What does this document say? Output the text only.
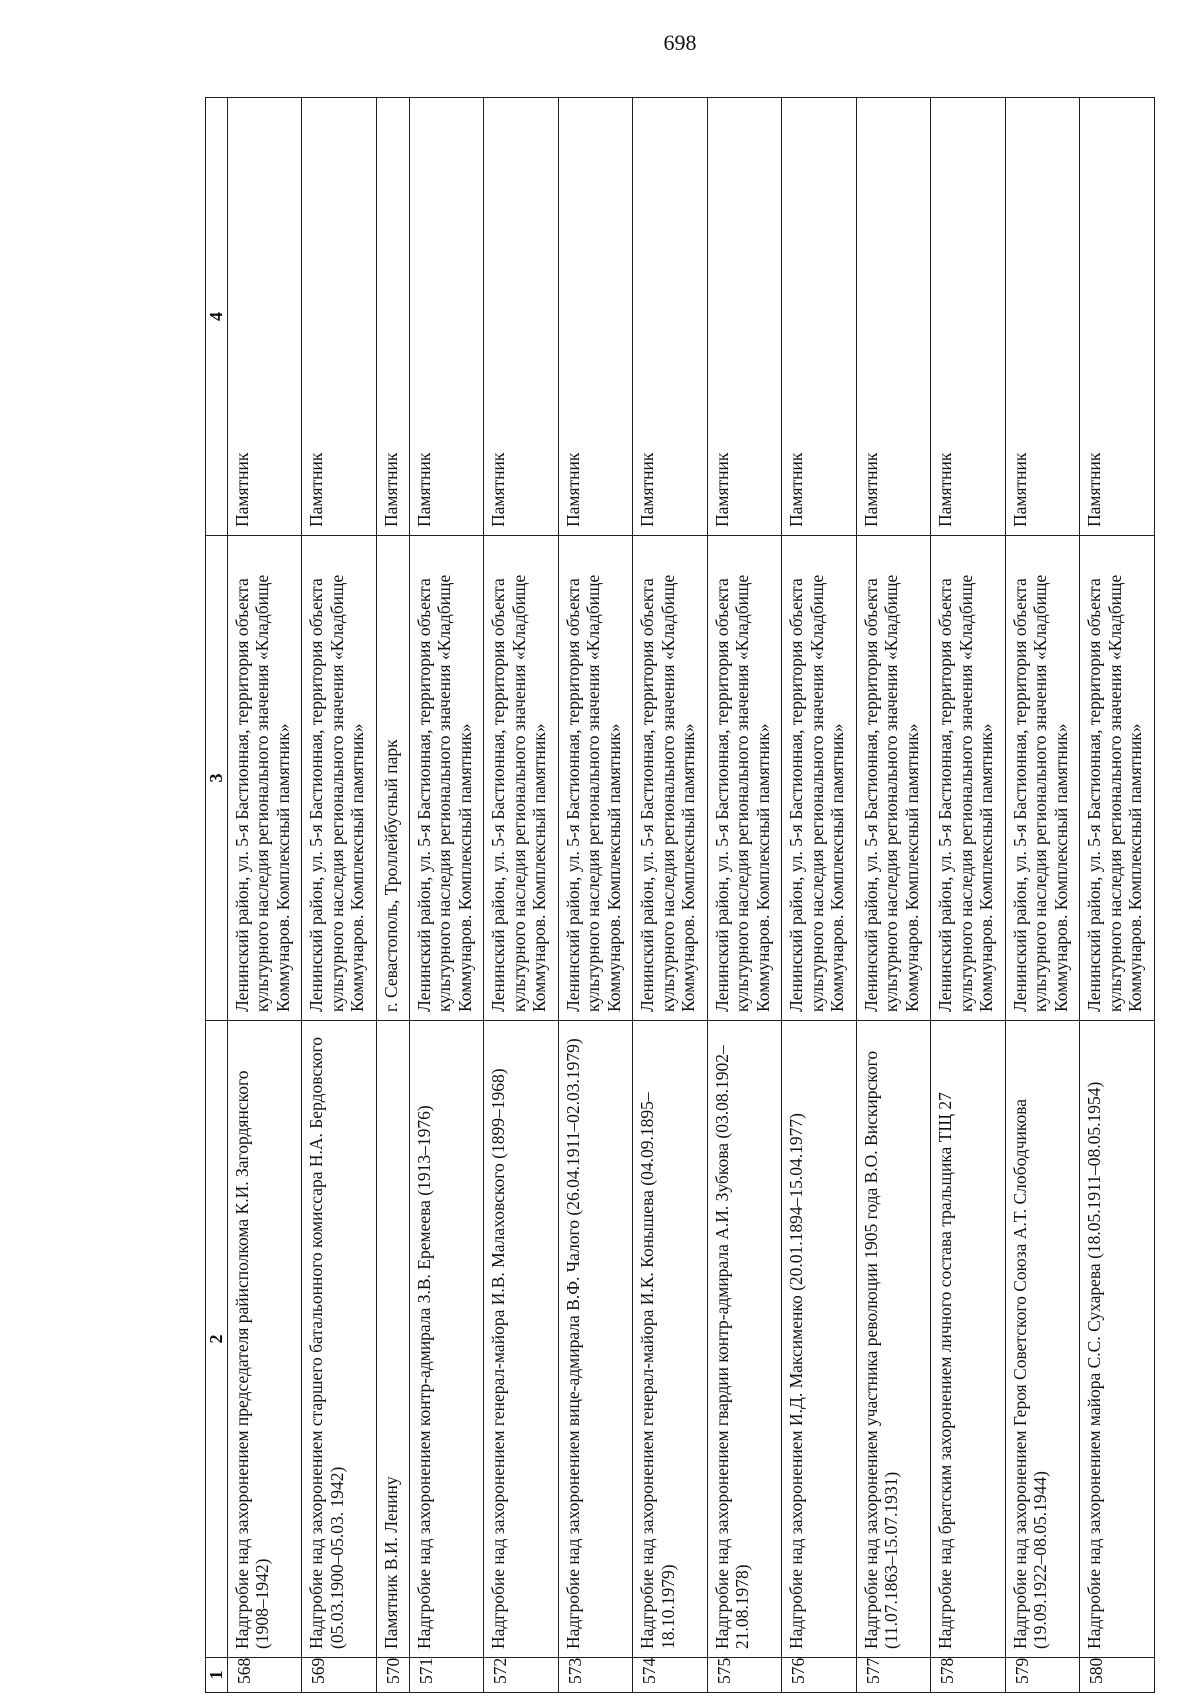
698
1	2	3	4
568	Надгробие над захоронением председателя райисполкома К.И. Загордянского (1908–1942)	Ленинский район, ул. 5-я Бастионная, территория объекта культурного наследия регионального значения «Кладбище Коммунаров. Комплексный памятник»	Памятник
569	Надгробие над захоронением старшего батальонного комиссара Н.А. Бердовского (05.03.1900–05.03. 1942)	Ленинский район, ул. 5-я Бастионная, территория объекта культурного наследия регионального значения «Кладбище Коммунаров. Комплексный памятник»	Памятник
570	Памятник В.И. Ленину	г. Севастополь, Троллейбусный парк	Памятник
571	Надгробие над захоронением контр-адмирала З.В. Еремеева (1913–1976)	Ленинский район, ул. 5-я Бастионная, территория объекта культурного наследия регионального значения «Кладбище Коммунаров. Комплексный памятник»	Памятник
572	Надгробие над захоронением генерал-майора И.В. Малаховского (1899–1968)	Ленинский район, ул. 5-я Бастионная, территория объекта культурного наследия регионального значения «Кладбище Коммунаров. Комплексный памятник»	Памятник
573	Надгробие над захоронением вице-адмирала В.Ф. Чалого (26.04.1911–02.03.1979)	Ленинский район, ул. 5-я Бастионная, территория объекта культурного наследия регионального значения «Кладбище Коммунаров. Комплексный памятник»	Памятник
574	Надгробие над захоронением генерал-майора И.К. Конышева (04.09.1895–18.10.1979)	Ленинский район, ул. 5-я Бастионная, территория объекта культурного наследия регионального значения «Кладбище Коммунаров. Комплексный памятник»	Памятник
575	Надгробие над захоронением гвардии контр-адмирала А.И. Зубкова (03.08.1902–21.08.1978)	Ленинский район, ул. 5-я Бастионная, территория объекта культурного наследия регионального значения «Кладбище Коммунаров. Комплексный памятник»	Памятник
576	Надгробие над захоронением И.Д. Максименко (20.01.1894–15.04.1977)	Ленинский район, ул. 5-я Бастионная, территория объекта культурного наследия регионального значения «Кладбище Коммунаров. Комплексный памятник»	Памятник
577	Надгробие над захоронением участника революции 1905 года В.О. Вискирского (11.07.1863–15.07.1931)	Ленинский район, ул. 5-я Бастионная, территория объекта культурного наследия регионального значения «Кладбище Коммунаров. Комплексный памятник»	Памятник
578	Надгробие над братским захоронением личного состава тральщика ТЩ 27	Ленинский район, ул. 5-я Бастионная, территория объекта культурного наследия регионального значения «Кладбище Коммунаров. Комплексный памятник»	Памятник
579	Надгробие над захоронением Героя Советского Союза А.Т. Слободчикова (19.09.1922–08.05.1944)	Ленинский район, ул. 5-я Бастионная, территория объекта культурного наследия регионального значения «Кладбище Коммунаров. Комплексный памятник»	Памятник
580	Надгробие над захоронением майора С.С. Сухарева (18.05.1911–08.05.1954)	Ленинский район, ул. 5-я Бастионная, территория объекта культурного наследия регионального значения «Кладбище Коммунаров. Комплексный памятник»	Памятник
